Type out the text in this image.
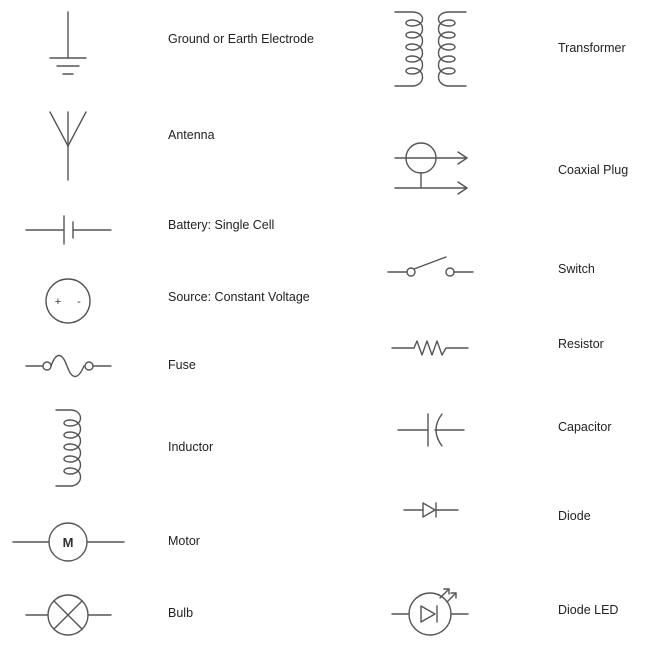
Ground or Earth Electrode
Antenna
Battery: Single Cell
+ -	Source: Constant Voltage
Fuse
Inductor
M	Motor
Bulb
Transformer
Coaxial Plug
Switch
Resistor
Capacitor
Diode
Diode LED
